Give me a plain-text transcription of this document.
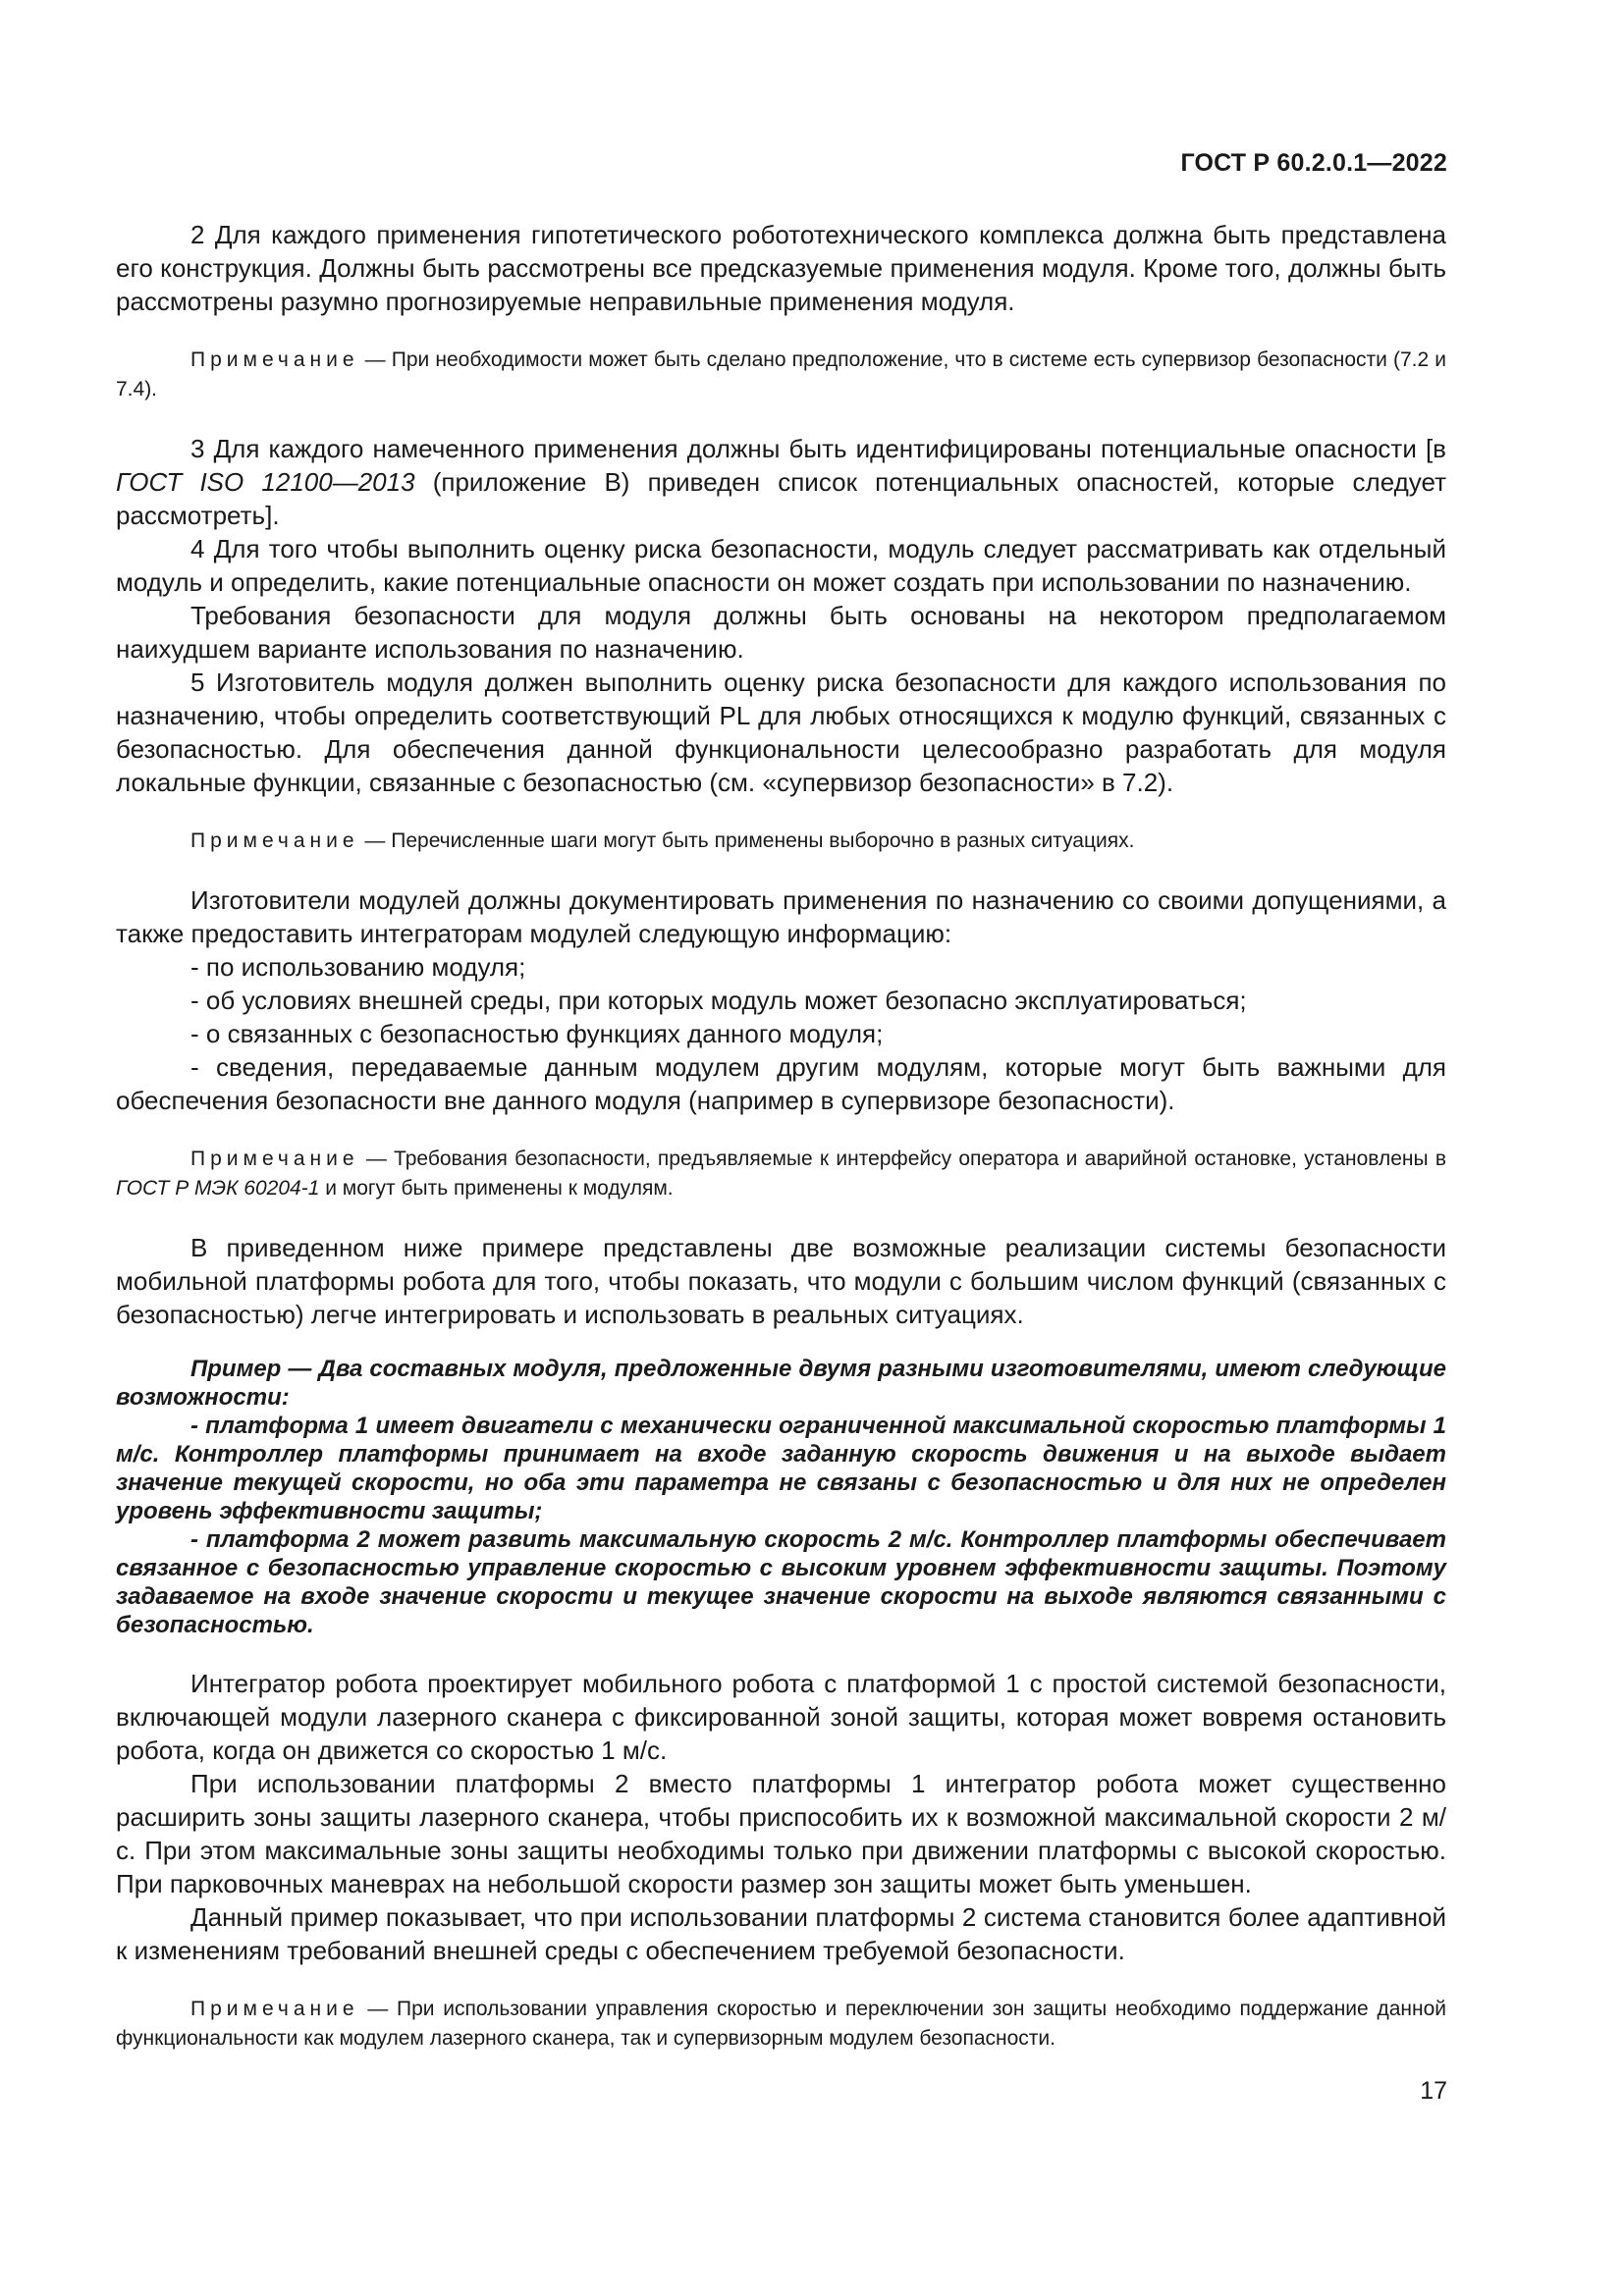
ГОСТ Р 60.2.0.1—2022

2 Для каждого применения гипотетического робототехнического комплекса должна быть представлена его конструкция. Должны быть рассмотрены все предсказуемые применения модуля. Кроме того, должны быть рассмотрены разумно прогнозируемые неправильные применения модуля.

Примечание — При необходимости может быть сделано предположение, что в системе есть супервизор безопасности (7.2 и 7.4).

3 Для каждого намеченного применения должны быть идентифицированы потенциальные опасности [в ГОСТ ISO 12100—2013 (приложение В) приведен список потенциальных опасностей, которые следует рассмотреть].

4 Для того чтобы выполнить оценку риска безопасности, модуль следует рассматривать как отдельный модуль и определить, какие потенциальные опасности он может создать при использовании по назначению.

Требования безопасности для модуля должны быть основаны на некотором предполагаемом наихудшем варианте использования по назначению.

5 Изготовитель модуля должен выполнить оценку риска безопасности для каждого использования по назначению, чтобы определить соответствующий PL для любых относящихся к модулю функций, связанных с безопасностью. Для обеспечения данной функциональности целесообразно разработать для модуля локальные функции, связанные с безопасностью (см. «супервизор безопасности» в 7.2).

Примечание — Перечисленные шаги могут быть применены выборочно в разных ситуациях.

Изготовители модулей должны документировать применения по назначению со своими допущениями, а также предоставить интеграторам модулей следующую информацию:

- по использованию модуля;

- об условиях внешней среды, при которых модуль может безопасно эксплуатироваться;

- о связанных с безопасностью функциях данного модуля;

- сведения, передаваемые данным модулем другим модулям, которые могут быть важными для обеспечения безопасности вне данного модуля (например в супервизоре безопасности).

Примечание — Требования безопасности, предъявляемые к интерфейсу оператора и аварийной остановке, установлены в ГОСТ Р МЭК 60204-1 и могут быть применены к модулям.

В приведенном ниже примере представлены две возможные реализации системы безопасности мобильной платформы робота для того, чтобы показать, что модули с большим числом функций (связанных с безопасностью) легче интегрировать и использовать в реальных ситуациях.

Пример — Два составных модуля, предложенные двумя разными изготовителями, имеют следующие возможности:

- платформа 1 имеет двигатели с механически ограниченной максимальной скоростью платформы 1 м/с. Контроллер платформы принимает на входе заданную скорость движения и на выходе выдает значение текущей скорости, но оба эти параметра не связаны с безопасностью и для них не определен уровень эффективности защиты;

- платформа 2 может развить максимальную скорость 2 м/с. Контроллер платформы обеспечивает связанное с безопасностью управление скоростью с высоким уровнем эффективности защиты. Поэтому задаваемое на входе значение скорости и текущее значение скорости на выходе являются связанными с безопасностью.

Интегратор робота проектирует мобильного робота с платформой 1 с простой системой безопасности, включающей модули лазерного сканера с фиксированной зоной защиты, которая может вовремя остановить робота, когда он движется со скоростью 1 м/с.

При использовании платформы 2 вместо платформы 1 интегратор робота может существенно расширить зоны защиты лазерного сканера, чтобы приспособить их к возможной максимальной скорости 2 м/с. При этом максимальные зоны защиты необходимы только при движении платформы с высокой скоростью. При парковочных маневрах на небольшой скорости размер зон защиты может быть уменьшен.

Данный пример показывает, что при использовании платформы 2 система становится более адаптивной к изменениям требований внешней среды с обеспечением требуемой безопасности.

Примечание — При использовании управления скоростью и переключении зон защиты необходимо поддержание данной функциональности как модулем лазерного сканера, так и супервизорным модулем безопасности.

17
